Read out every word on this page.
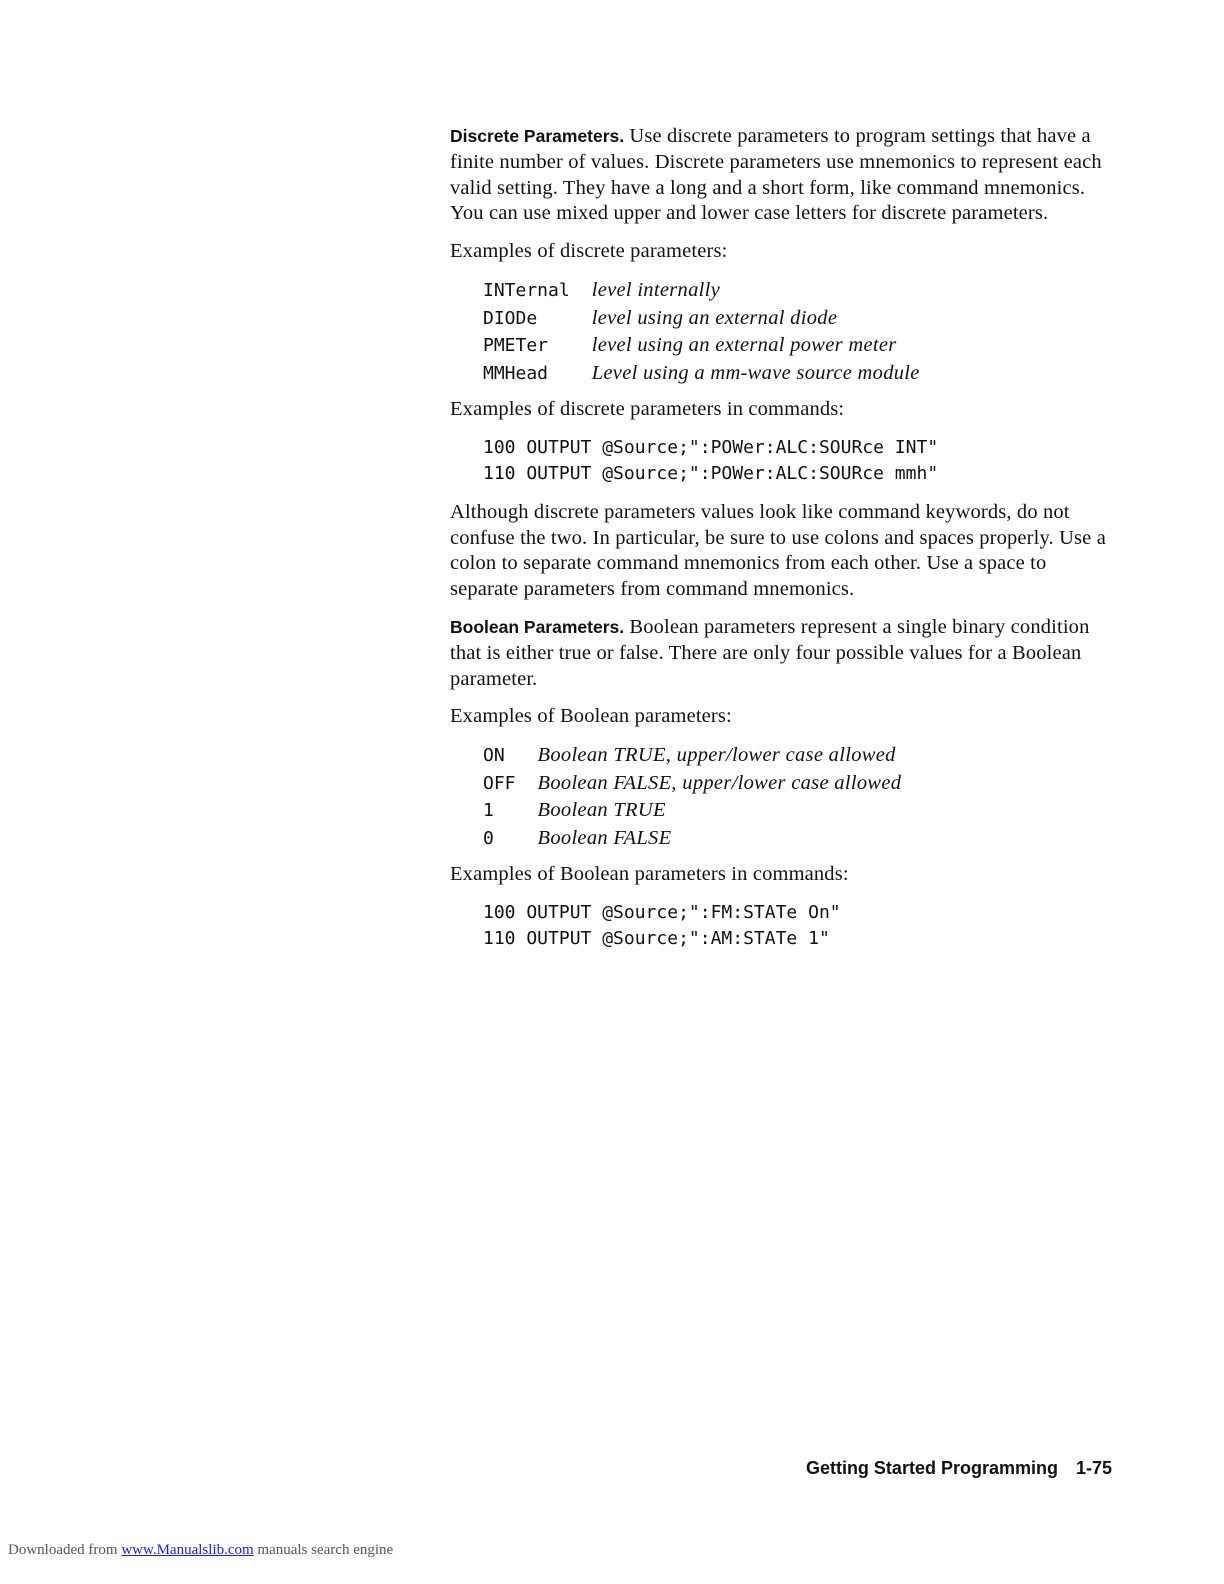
Discrete Parameters. Use discrete parameters to program settings that have a finite number of values. Discrete parameters use mnemonics to represent each valid setting. They have a long and a short form, like command mnemonics. You can use mixed upper and lower case letters for discrete parameters.

Examples of discrete parameters:

INTernal	level internally
DIODe	level using an external diode
PMETer	level using an external power meter
MMHead	Level using a mm-wave source module

Examples of discrete parameters in commands:

100 OUTPUT @Source;":POWer:ALC:SOURce INT"
110 OUTPUT @Source;":POWer:ALC:SOURce mmh"

Although discrete parameters values look like command keywords, do not confuse the two. In particular, be sure to use colons and spaces properly. Use a colon to separate command mnemonics from each other. Use a space to separate parameters from command mnemonics.

Boolean Parameters. Boolean parameters represent a single binary condition that is either true or false. There are only four possible values for a Boolean parameter.

Examples of Boolean parameters:

ON	Boolean TRUE, upper/lower case allowed
OFF	Boolean FALSE, upper/lower case allowed
1	Boolean TRUE
0	Boolean FALSE

Examples of Boolean parameters in commands:

100 OUTPUT @Source;":FM:STATe On"
110 OUTPUT @Source;":AM:STATe 1"
Getting Started Programming 1-75
Downloaded from www.Manualslib.com manuals search engine
